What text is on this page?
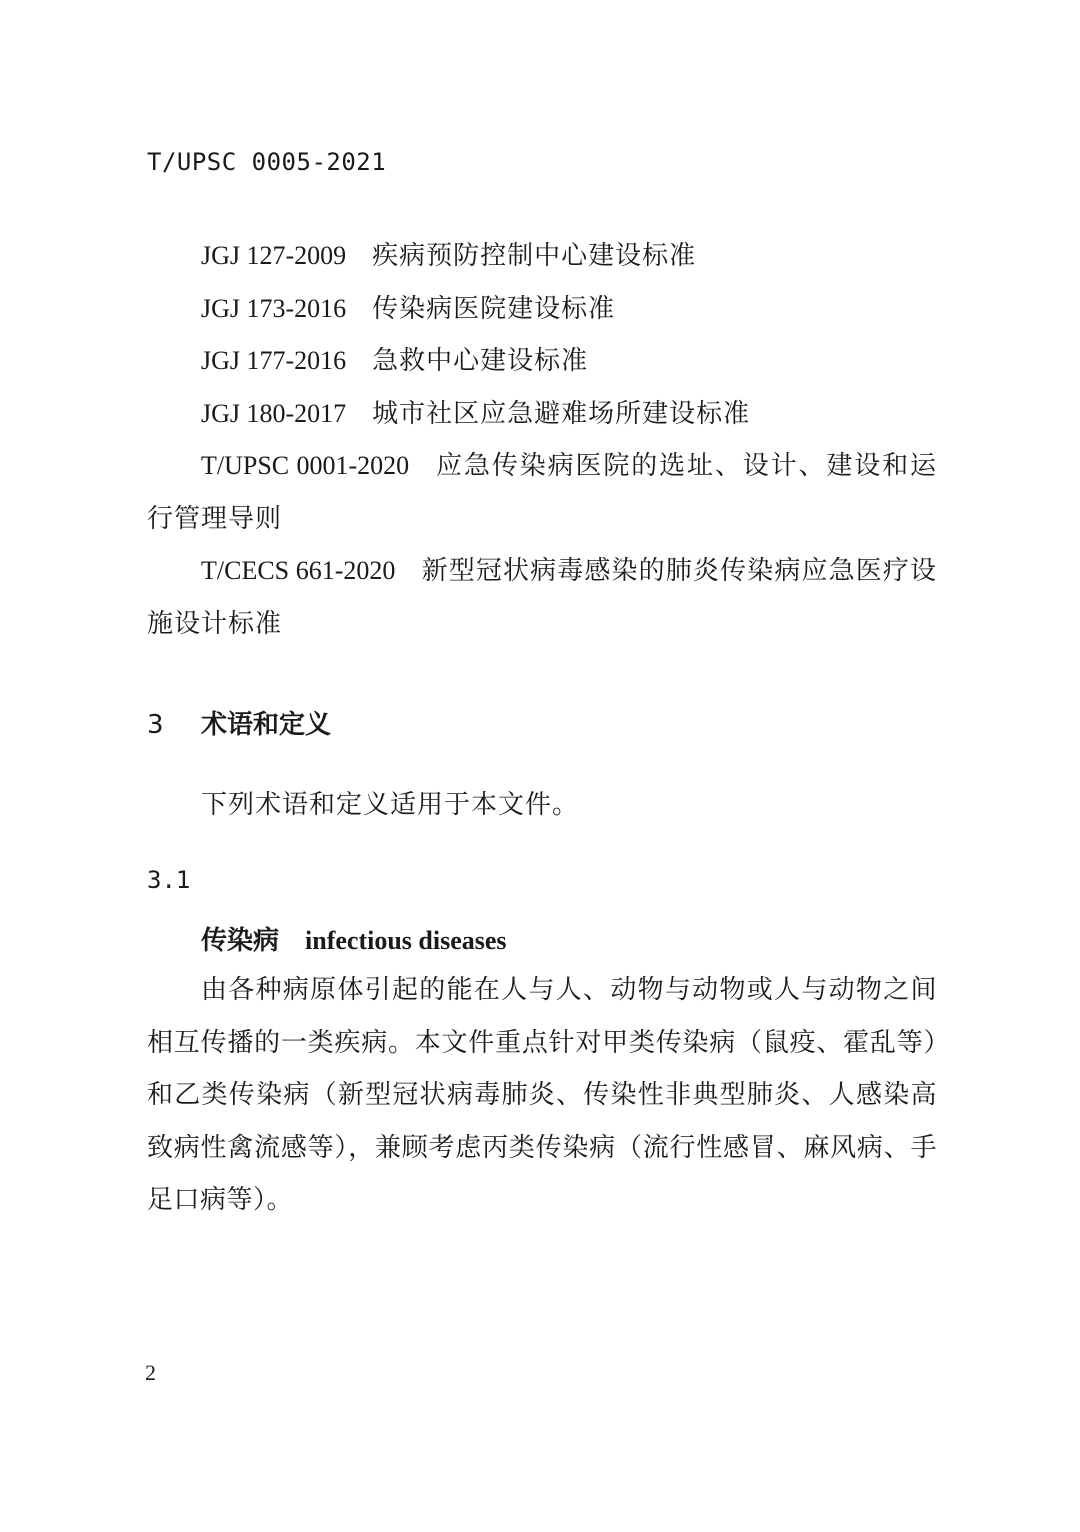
T/UPSC 0005-2021
JGJ 127-2009 疾病预防控制中心建设标准
JGJ 173-2016 传染病医院建设标准
JGJ 177-2016 急救中心建设标准
JGJ 180-2017 城市社区应急避难场所建设标准
T/UPSC 0001-2020 应急传染病医院的选址、设计、建设和运行管理导则
T/CECS 661-2020 新型冠状病毒感染的肺炎传染病应急医疗设施设计标准
3 术语和定义
下列术语和定义适用于本文件。
3.1
传染病 infectious diseases

由各种病原体引起的能在人与人、动物与动物或人与动物之间相互传播的一类疾病。本文件重点针对甲类传染病（鼠疫、霍乱等）和乙类传染病（新型冠状病毒肺炎、传染性非典型肺炎、人感染高致病性禽流感等），兼顾考虑丙类传染病（流行性感冒、麻风病、手足口病等）。

2
